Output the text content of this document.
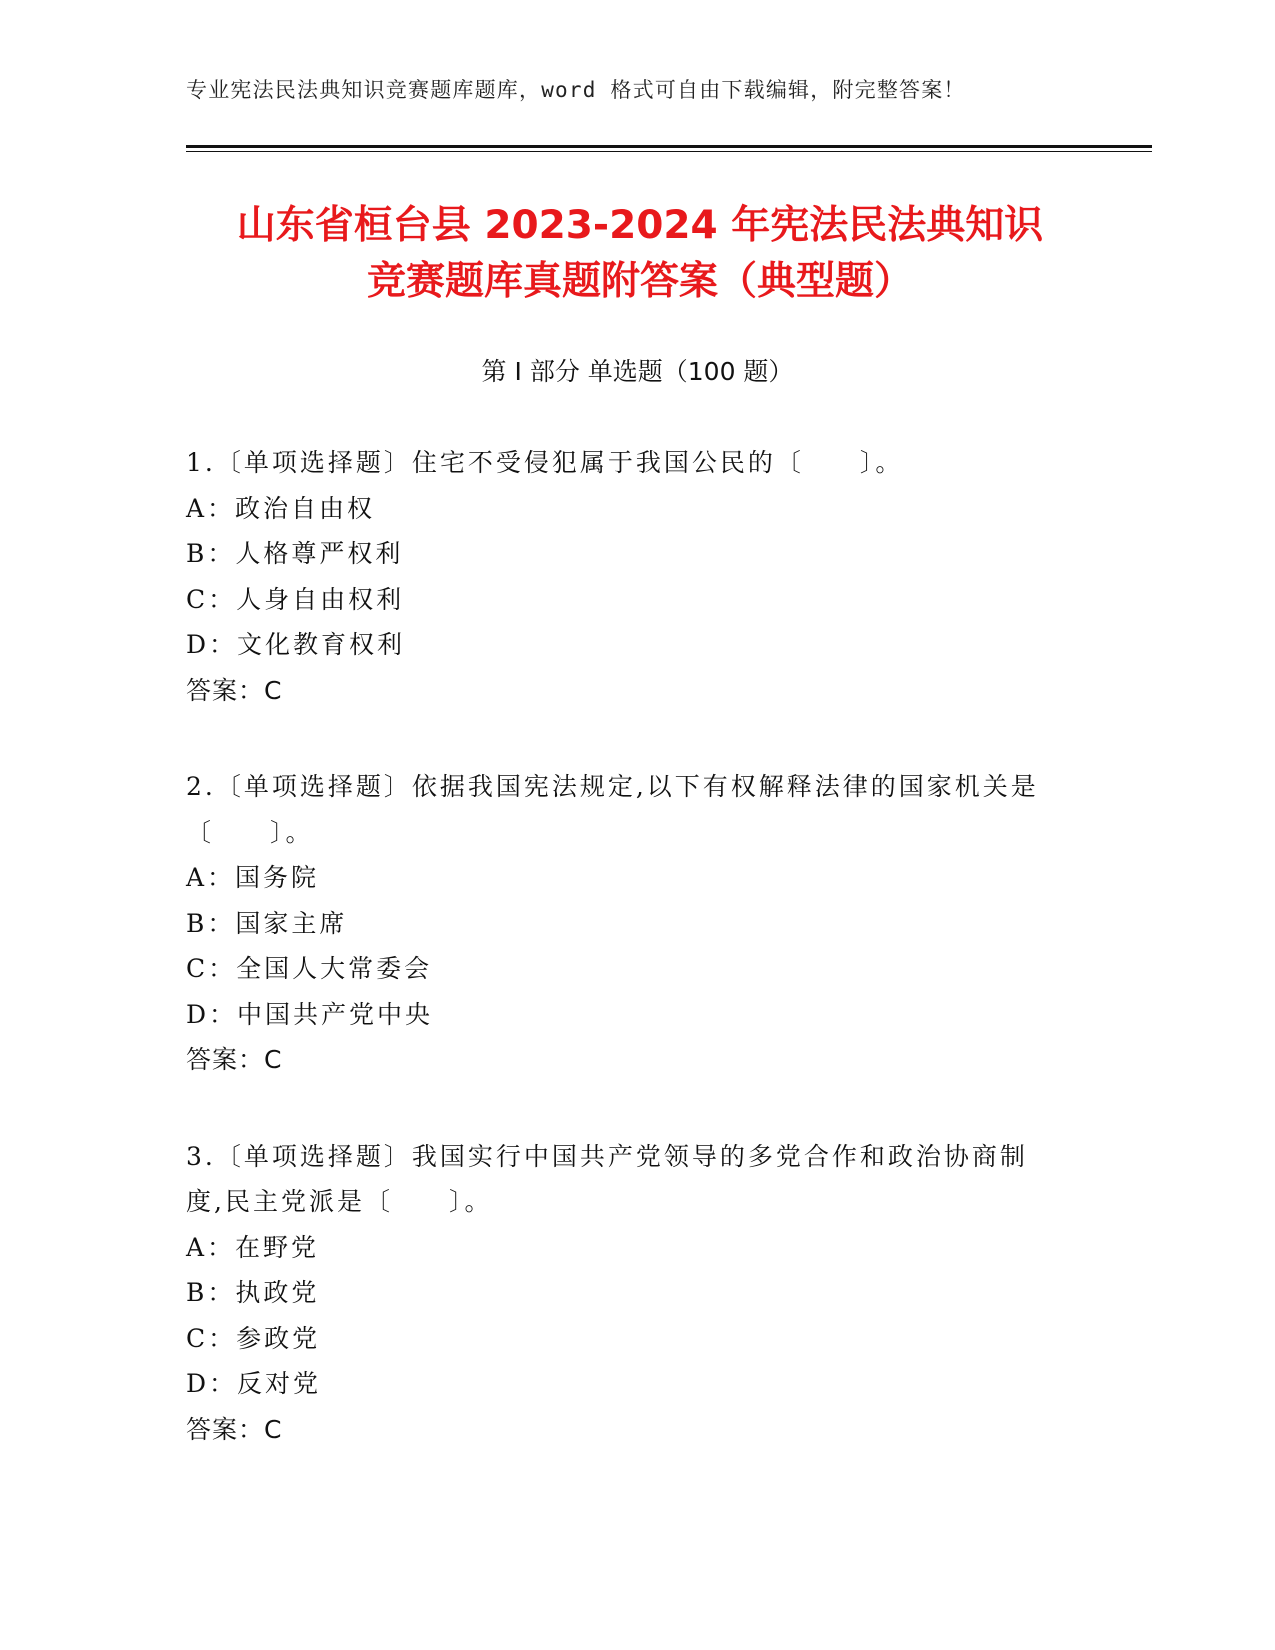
专业宪法民法典知识竞赛题库题库，word 格式可自由下载编辑，附完整答案！
山东省桓台县 2023-2024 年宪法民法典知识
竞赛题库真题附答案（典型题）
第 I 部分 单选题（100 题）
1.〔单项选择题〕住宅不受侵犯属于我国公民的〔　　〕。
A：政治自由权
B：人格尊严权利
C：人身自由权利
D：文化教育权利
答案：C
2.〔单项选择题〕依据我国宪法规定,以下有权解释法律的国家机关是
〔　　〕。
A：国务院
B：国家主席
C：全国人大常委会
D：中国共产党中央
答案：C
3.〔单项选择题〕我国实行中国共产党领导的多党合作和政治协商制
度,民主党派是〔　　〕。
A：在野党
B：执政党
C：参政党
D：反对党
答案：C
